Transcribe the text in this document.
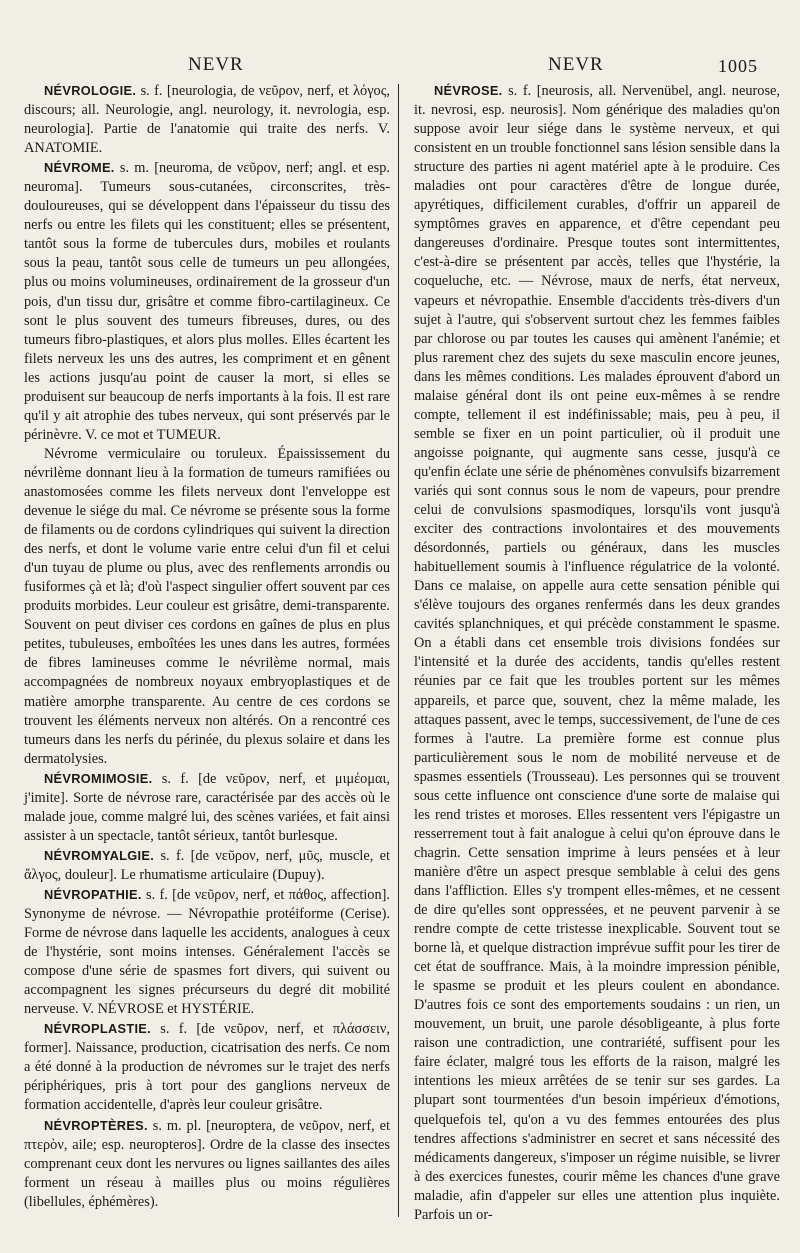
NEVR	NEVR	1005

NÉVROLOGIE. s. f. [neurologia, de νεῦρον, nerf, et λόγος, discours; all. Neurologie, angl. neurology, it. nevrologia, esp. neurologia]. Partie de l'anatomie qui traite des nerfs. V. ANATOMIE.

NÉVROME. s. m. [neuroma, de νεῦρον, nerf; angl. et esp. neuroma]. Tumeurs sous-cutanées, circonscrites, très-douloureuses, qui se développent dans l'épaisseur du tissu des nerfs ou entre les filets qui les constituent; elles se présentent, tantôt sous la forme de tubercules durs, mobiles et roulants sous la peau, tantôt sous celle de tumeurs un peu allongées, plus ou moins volumineuses, ordinairement de la grosseur d'un pois, d'un tissu dur, grisâtre et comme fibro-cartilagineux. Ce sont le plus souvent des tumeurs fibreuses, dures, ou des tumeurs fibro-plastiques, et alors plus molles. Elles écartent les filets nerveux les uns des autres, les compriment et en gênent les actions jusqu'au point de causer la mort, si elles se produisent sur beaucoup de nerfs importants à la fois. Il est rare qu'il y ait atrophie des tubes nerveux, qui sont préservés par le périnèvre. V. ce mot et TUMEUR.

Névrome vermiculaire ou toruleux. Épaississement du névrilème donnant lieu à la formation de tumeurs ramifiées ou anastomosées comme les filets nerveux dont l'enveloppe est devenue le siége du mal. Ce névrome se présente sous la forme de filaments ou de cordons cylindriques qui suivent la direction des nerfs, et dont le volume varie entre celui d'un fil et celui d'un tuyau de plume ou plus, avec des renflements arrondis ou fusiformes çà et là; d'où l'aspect singulier offert souvent par ces produits morbides. Leur couleur est grisâtre, demi-transparente. Souvent on peut diviser ces cordons en gaînes de plus en plus petites, tubuleuses, emboîtées les unes dans les autres, formées de fibres lamineuses comme le névrilème normal, mais accompagnées de nombreux noyaux embryoplastiques et de matière amorphe transparente. Au centre de ces cordons se trouvent les éléments nerveux non altérés. On a rencontré ces tumeurs dans les nerfs du périnée, du plexus solaire et dans les dermatolysies.

NÉVROMIMOSIE. s. f. [de νεῦρον, nerf, et μιμέομαι, j'imite]. Sorte de névrose rare, caractérisée par des accès où le malade joue, comme malgré lui, des scènes variées, et fait ainsi assister à un spectacle, tantôt sérieux, tantôt burlesque.

NÉVROMYALGIE. s. f. [de νεῦρον, nerf, μῦς, muscle, et ἄλγος, douleur]. Le rhumatisme articulaire (Dupuy).

NÉVROPATHIE. s. f. [de νεῦρον, nerf, et πάθος, affection]. Synonyme de névrose. — Névropathie protéiforme (Cerise). Forme de névrose dans laquelle les accidents, analogues à ceux de l'hystérie, sont moins intenses. Généralement l'accès se compose d'une série de spasmes fort divers, qui suivent ou accompagnent les signes précurseurs du degré dit mobilité nerveuse. V. NÉVROSE et HYSTÉRIE.

NÉVROPLASTIE. s. f. [de νεῦρον, nerf, et πλάσσειν, former]. Naissance, production, cicatrisation des nerfs. Ce nom a été donné à la production de névromes sur le trajet des nerfs périphériques, pris à tort pour des ganglions nerveux de formation accidentelle, d'après leur couleur grisâtre.

NÉVROPTÈRES. s. m. pl. [neuroptera, de νεῦρον, nerf, et πτερὸν, aile; esp. neuropteros]. Ordre de la classe des insectes comprenant ceux dont les nervures ou lignes saillantes des ailes forment un réseau à mailles plus ou moins régulières (libellules, éphémères).

NÉVROSE. s. f. [neurosis, all. Nervenübel, angl. neurose, it. nevrosi, esp. neurosis]. Nom générique des maladies qu'on suppose avoir leur siége dans le système nerveux, et qui consistent en un trouble fonctionnel sans lésion sensible dans la structure des parties ni agent matériel apte à le produire. Ces maladies ont pour caractères d'être de longue durée, apyrétiques, difficilement curables, d'offrir un appareil de symptômes graves en apparence, et d'être cependant peu dangereuses d'ordinaire. Presque toutes sont intermittentes, c'est-à-dire se présentent par accès, telles que l'hystérie, la coqueluche, etc. — Névrose, maux de nerfs, état nerveux, vapeurs et névropathie. Ensemble d'accidents très-divers d'un sujet à l'autre, qui s'observent surtout chez les femmes faibles par chlorose ou par toutes les causes qui amènent l'anémie; et plus rarement chez des sujets du sexe masculin encore jeunes, dans les mêmes conditions. Les malades éprouvent d'abord un malaise général dont ils ont peine eux-mêmes à se rendre compte, tellement il est indéfinissable; mais, peu à peu, il semble se fixer en un point particulier, où il produit une angoisse poignante, qui augmente sans cesse, jusqu'à ce qu'enfin éclate une série de phénomènes convulsifs bizarrement variés qui sont connus sous le nom de vapeurs, pour prendre celui de convulsions spasmodiques, lorsqu'ils vont jusqu'à exciter des contractions involontaires et des mouvements désordonnés, partiels ou généraux, dans les muscles habituellement soumis à l'influence régulatrice de la volonté. Dans ce malaise, on appelle aura cette sensation pénible qui s'élève toujours des organes renfermés dans les deux grandes cavités splanchniques, et qui précède constamment le spasme. On a établi dans cet ensemble trois divisions fondées sur l'intensité et la durée des accidents, tandis qu'elles restent réunies par ce fait que les troubles portent sur les mêmes appareils, et parce que, souvent, chez la même malade, les attaques passent, avec le temps, successivement, de l'une de ces formes à l'autre. La première forme est connue plus particulièrement sous le nom de mobilité nerveuse et de spasmes essentiels (Trousseau). Les personnes qui se trouvent sous cette influence ont conscience d'une sorte de malaise qui les rend tristes et moroses. Elles ressentent vers l'épigastre un resserrement tout à fait analogue à celui qu'on éprouve dans le chagrin. Cette sensation imprime à leurs pensées et à leur manière d'être un aspect presque semblable à celui des gens dans l'affliction. Elles s'y trompent elles-mêmes, et ne cessent de dire qu'elles sont oppressées, et ne peuvent parvenir à se rendre compte de cette tristesse inexplicable. Souvent tout se borne là, et quelque distraction imprévue suffit pour les tirer de cet état de souffrance. Mais, à la moindre impression pénible, le spasme se produit et les pleurs coulent en abondance. D'autres fois ce sont des emportements soudains : un rien, un mouvement, un bruit, une parole désobligeante, à plus forte raison une contradiction, une contrariété, suffisent pour les faire éclater, malgré tous les efforts de la raison, malgré les intentions les mieux arrêtées de se tenir sur ses gardes. La plupart sont tourmentées d'un besoin impérieux d'émotions, quelquefois tel, qu'on a vu des femmes entourées des plus tendres affections s'administrer en secret et sans nécessité des médicaments dangereux, s'imposer un régime nuisible, se livrer à des exercices funestes, courir même les chances d'une grave maladie, afin d'appeler sur elles une attention plus inquiète. Parfois un or-
